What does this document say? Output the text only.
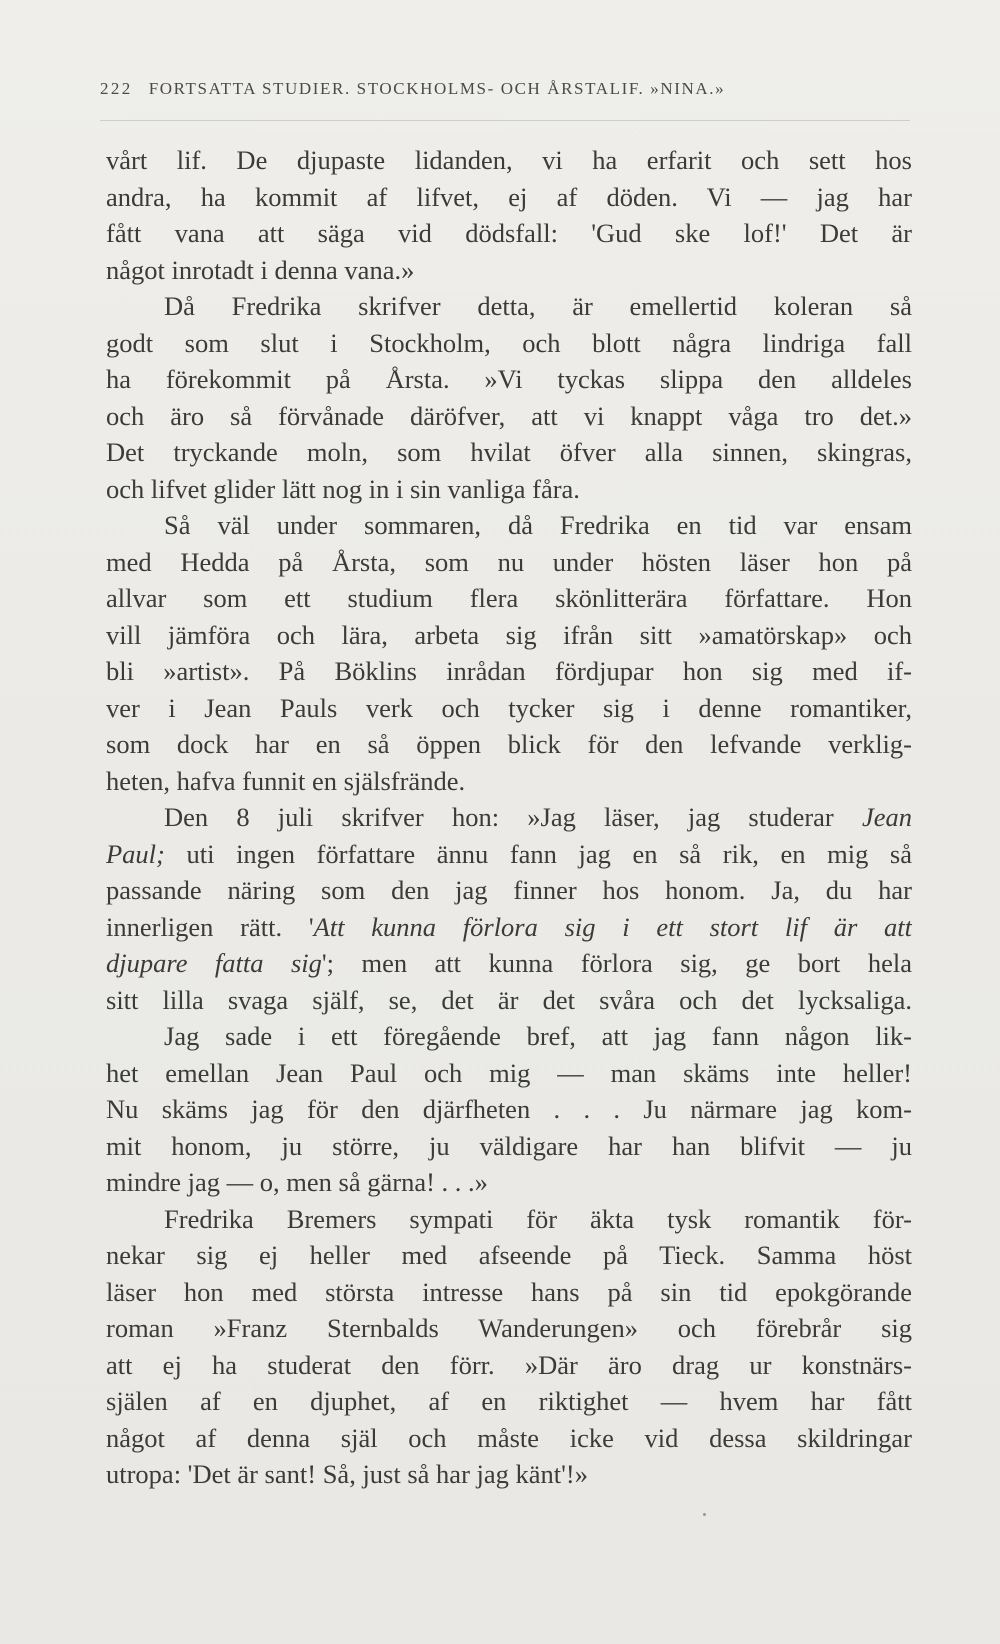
222 FORTSATTA STUDIER. STOCKHOLMS- OCH ÅRSTALIF. »NINA.»
vårt lif. De djupaste lidanden, vi ha erfarit och sett hos
andra, ha kommit af lifvet, ej af döden. Vi — jag har
fått vana att säga vid dödsfall: 'Gud ske lof!' Det är
något inrotadt i denna vana.»
Då Fredrika skrifver detta, är emellertid koleran så
godt som slut i Stockholm, och blott några lindriga fall
ha förekommit på Årsta. »Vi tyckas slippa den alldeles
och äro så förvånade däröfver, att vi knappt våga tro det.»
Det tryckande moln, som hvilat öfver alla sinnen, skingras,
och lifvet glider lätt nog in i sin vanliga fåra.
Så väl under sommaren, då Fredrika en tid var ensam
med Hedda på Årsta, som nu under hösten läser hon på
allvar som ett studium flera skönlitterära författare. Hon
vill jämföra och lära, arbeta sig ifrån sitt »amatörskap» och
bli »artist». På Böklins inrådan fördjupar hon sig med if-
ver i Jean Pauls verk och tycker sig i denne romantiker,
som dock har en så öppen blick för den lefvande verklig-
heten, hafva funnit en själsfrände.
Den 8 juli skrifver hon: »Jag läser, jag studerar Jean
Paul; uti ingen författare ännu fann jag en så rik, en mig så
passande näring som den jag finner hos honom. Ja, du har
innerligen rätt. 'Att kunna förlora sig i ett stort lif är att
djupare fatta sig'; men att kunna förlora sig, ge bort hela
sitt lilla svaga själf, se, det är det svåra och det lycksaliga.
Jag sade i ett föregående bref, att jag fann någon lik-
het emellan Jean Paul och mig — man skäms inte heller!
Nu skäms jag för den djärfheten . . . Ju närmare jag kom-
mit honom, ju större, ju väldigare har han blifvit — ju
mindre jag — o, men så gärna! . . .»
Fredrika Bremers sympati för äkta tysk romantik för-
nekar sig ej heller med afseende på Tieck. Samma höst
läser hon med största intresse hans på sin tid epokgörande
roman »Franz Sternbalds Wanderungen» och förebrår sig
att ej ha studerat den förr. »Där äro drag ur konstnärs-
själen af en djuphet, af en riktighet — hvem har fått
något af denna själ och måste icke vid dessa skildringar
utropa: 'Det är sant! Så, just så har jag känt'!»
